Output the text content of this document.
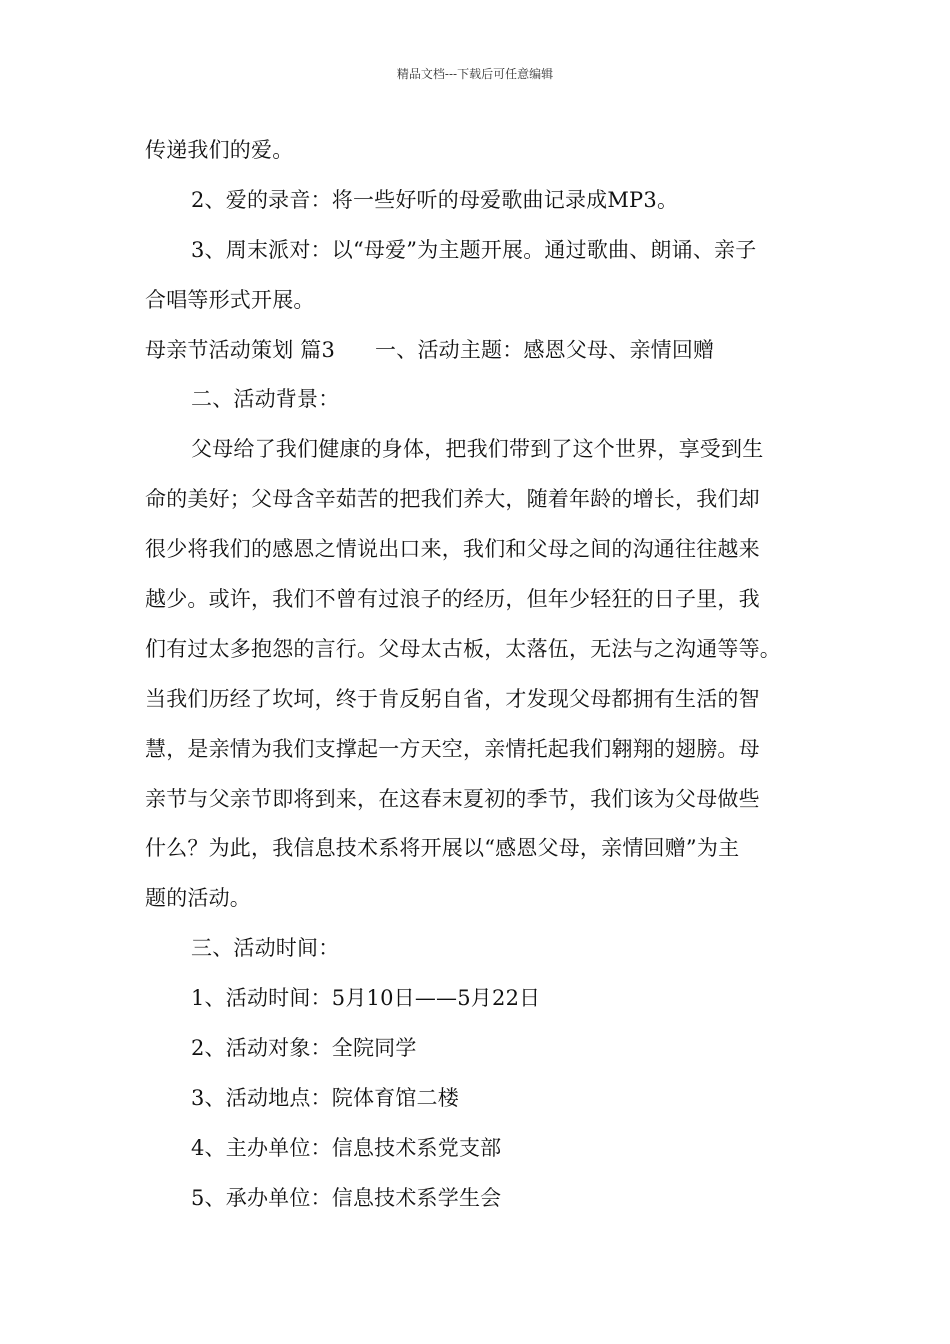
精品文档---下载后可任意编辑
传递我们的爱。
2、爱的录音：将一些好听的母爱歌曲记录成MP3。
3、周末派对：以“母爱”为主题开展。通过歌曲、朗诵、亲子
合唱等形式开展。
母亲节活动策划 篇3 一、活动主题：感恩父母、亲情回赠
二、活动背景：
父母给了我们健康的身体，把我们带到了这个世界，享受到生
命的美好；父母含辛茹苦的把我们养大，随着年龄的增长，我们却
很少将我们的感恩之情说出口来，我们和父母之间的沟通往往越来
越少。或许，我们不曾有过浪子的经历，但年少轻狂的日子里，我
们有过太多抱怨的言行。父母太古板，太落伍，无法与之沟通等等。
当我们历经了坎坷，终于肯反躬自省，才发现父母都拥有生活的智
慧，是亲情为我们支撑起一方天空，亲情托起我们翱翔的翅膀。母
亲节与父亲节即将到来，在这春末夏初的季节，我们该为父母做些
什么？为此，我信息技术系将开展以“感恩父母，亲情回赠”为主
题的活动。
三、活动时间：
1、活动时间：5月10日——5月22日
2、活动对象：全院同学
3、活动地点：院体育馆二楼
4、主办单位：信息技术系党支部
5、承办单位：信息技术系学生会
